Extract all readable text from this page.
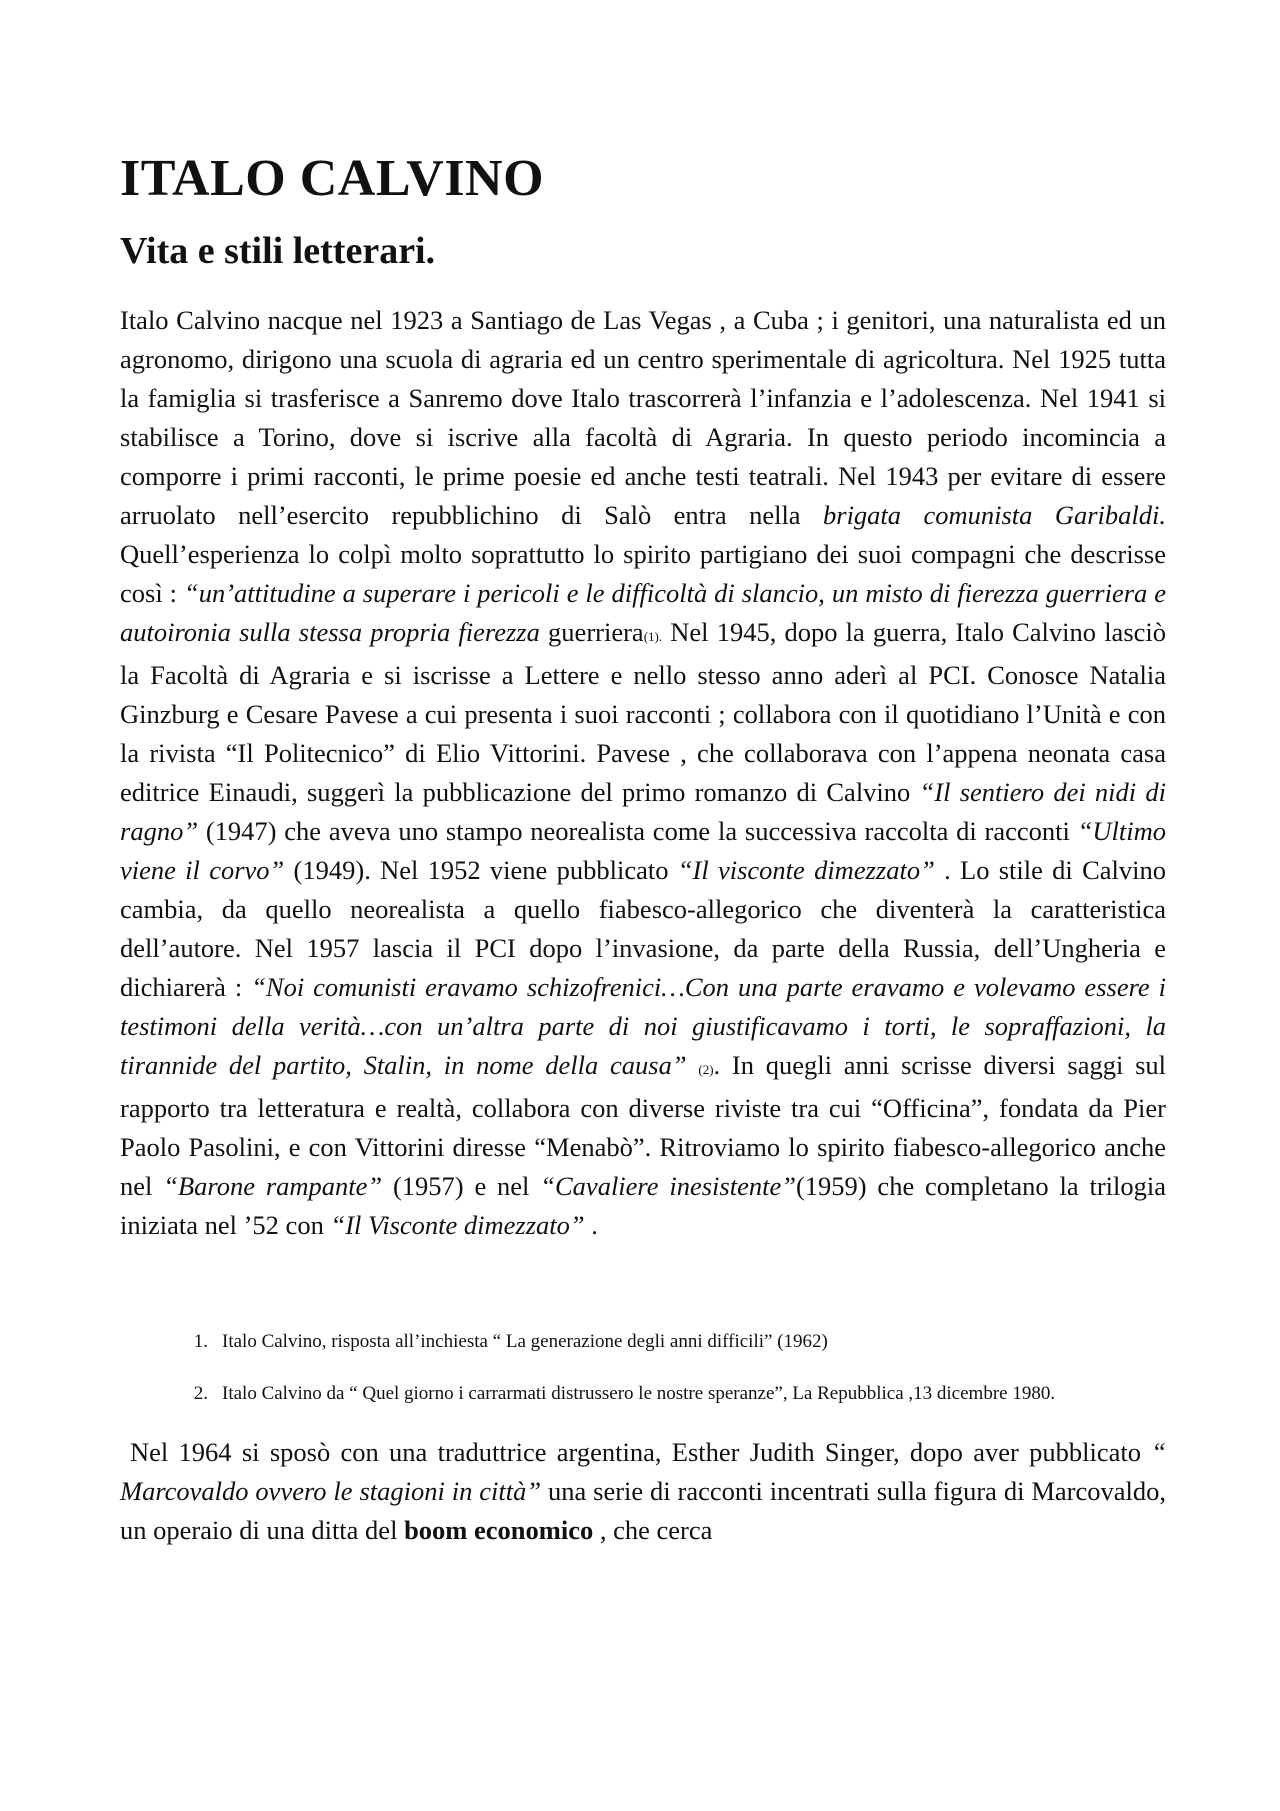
ITALO CALVINO
Vita e stili letterari.

Italo Calvino nacque nel 1923 a Santiago de Las Vegas , a Cuba ; i genitori, una naturalista ed un agronomo, dirigono una scuola di agraria ed un centro sperimentale di agricoltura. Nel 1925 tutta la famiglia si trasferisce a Sanremo dove Italo trascorrerà l’infanzia e l’adolescenza. Nel 1941 si stabilisce a Torino, dove si iscrive alla facoltà di Agraria. In questo periodo incomincia a comporre i primi racconti, le prime poesie ed anche testi teatrali. Nel 1943 per evitare di essere arruolato nell’esercito repubblichino di Salò entra nella brigata comunista Garibaldi. Quell’esperienza lo colpì molto soprattutto lo spirito partigiano dei suoi compagni che descrisse così : “un’attitudine a superare i pericoli e le difficoltà di slancio, un misto di fierezza guerriera e autoironia sulla stessa propria fierezza guerriera(1). Nel 1945, dopo la guerra, Italo Calvino lasciò la Facoltà di Agraria e si iscrisse a Lettere e nello stesso anno aderì al PCI. Conosce Natalia Ginzburg e Cesare Pavese a cui presenta i suoi racconti ; collabora con il quotidiano l’Unità e con la rivista “Il Politecnico” di Elio Vittorini. Pavese , che collaborava con l’appena neonata casa editrice Einaudi, suggerì la pubblicazione del primo romanzo di Calvino “Il sentiero dei nidi di ragno” (1947) che aveva uno stampo neorealista come la successiva raccolta di racconti “Ultimo viene il corvo” (1949). Nel 1952 viene pubblicato “Il visconte dimezzato” . Lo stile di Calvino cambia, da quello neorealista a quello fiabesco-allegorico che diventerà la caratteristica dell’autore. Nel 1957 lascia il PCI dopo l’invasione, da parte della Russia, dell’Ungheria e dichiarerà : “Noi comunisti eravamo schizofrenici…Con una parte eravamo e volevamo essere i testimoni della verità…con un’altra parte di noi giustificavamo i torti, le sopraffazioni, la tirannide del partito, Stalin, in nome della causa” (2). In quegli anni scrisse diversi saggi sul rapporto tra letteratura e realtà, collabora con diverse riviste tra cui “Officina”, fondata da Pier Paolo Pasolini, e con Vittorini diresse “Menabò”. Ritroviamo lo spirito fiabesco-allegorico anche nel “Barone rampante” (1957) e nel “Cavaliere inesistente”(1959) che completano la trilogia iniziata nel ’52 con “Il Visconte dimezzato” .

1. Italo Calvino, risposta all’inchiesta “ La generazione degli anni difficili” (1962)
2. Italo Calvino da “ Quel giorno i carrarmati distrussero le nostre speranze”, La Repubblica ,13 dicembre 1980.

Nel 1964 si sposò con una traduttrice argentina, Esther Judith Singer, dopo aver pubblicato “ Marcovaldo ovvero le stagioni in città” una serie di racconti incentrati sulla figura di Marcovaldo, un operaio di una ditta del boom economico , che cerca
